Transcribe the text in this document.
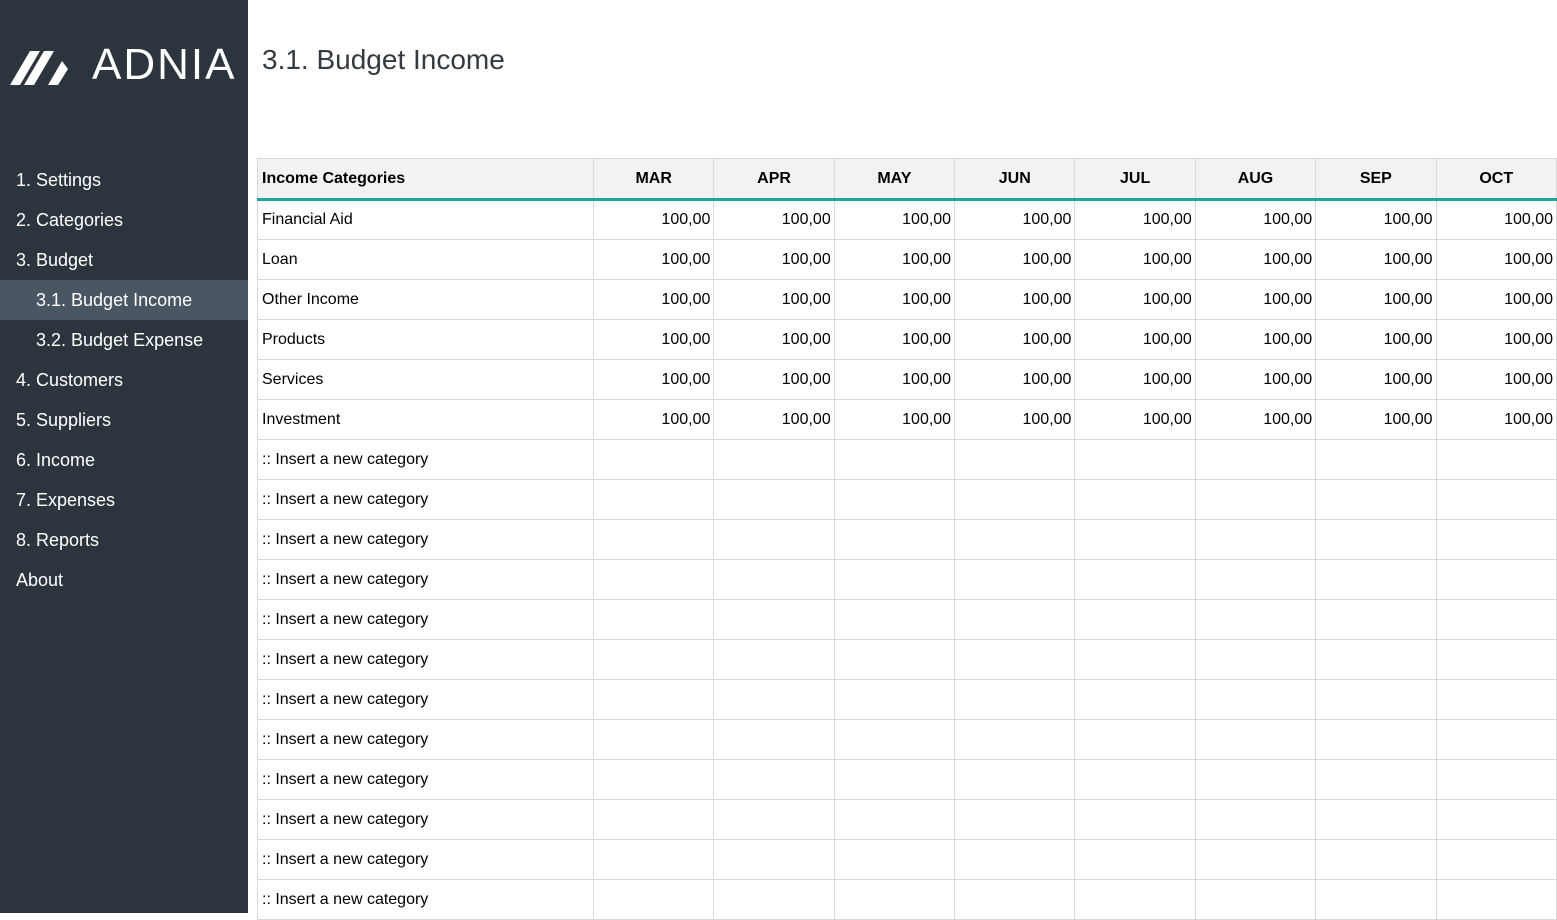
ADNIA
1. Settings
2. Categories
3. Budget
3.1. Budget Income
3.2. Budget Expense
4. Customers
5. Suppliers
6. Income
7. Expenses
8. Reports
About
3.1. Budget Income
Income Categories	MAR	APR	MAY	JUN	JUL	AUG	SEP	OCT
Financial Aid	100,00	100,00	100,00	100,00	100,00	100,00	100,00	100,00
Loan	100,00	100,00	100,00	100,00	100,00	100,00	100,00	100,00
Other Income	100,00	100,00	100,00	100,00	100,00	100,00	100,00	100,00
Products	100,00	100,00	100,00	100,00	100,00	100,00	100,00	100,00
Services	100,00	100,00	100,00	100,00	100,00	100,00	100,00	100,00
Investment	100,00	100,00	100,00	100,00	100,00	100,00	100,00	100,00
:: Insert a new category								
:: Insert a new category								
:: Insert a new category								
:: Insert a new category								
:: Insert a new category								
:: Insert a new category								
:: Insert a new category								
:: Insert a new category								
:: Insert a new category								
:: Insert a new category								
:: Insert a new category								
:: Insert a new category								
